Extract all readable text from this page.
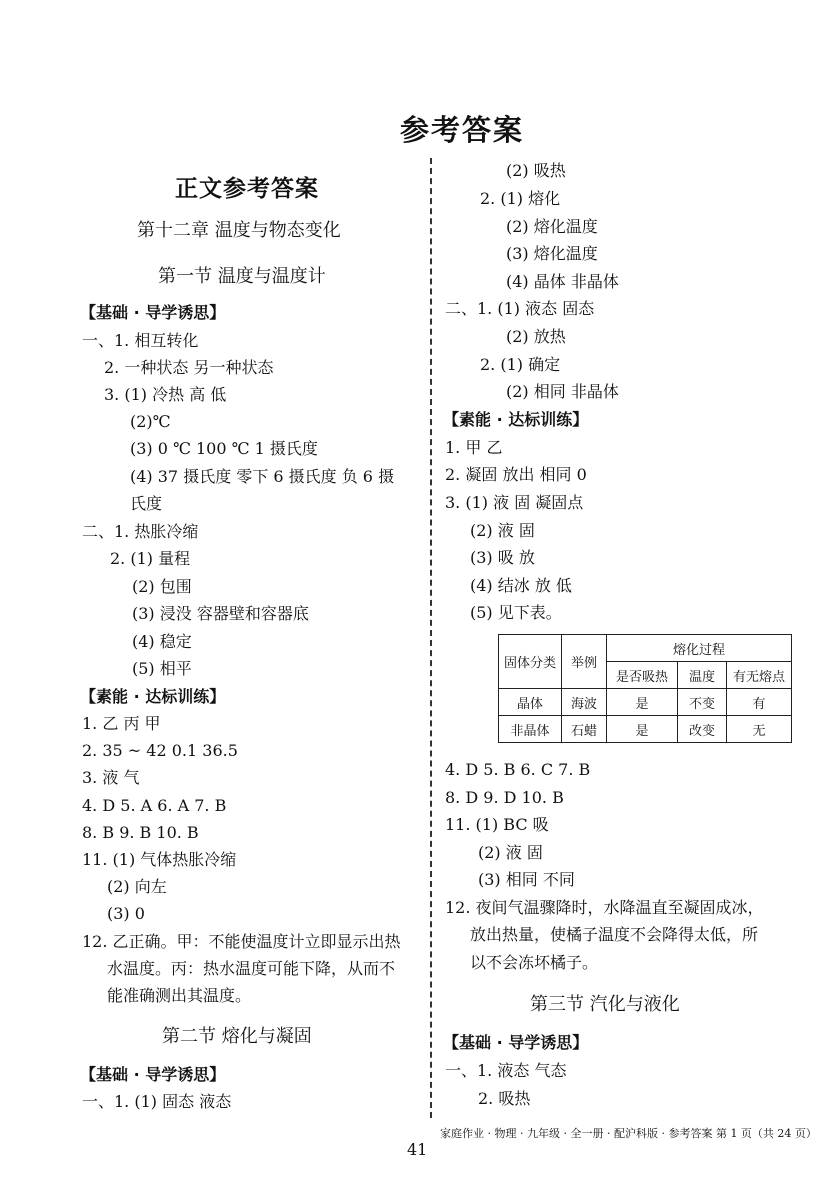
参考答案
正文参考答案
第十二章 温度与物态变化
第一节 温度与温度计
【基础 · 导学诱思】
一、1. 相互转化
2. 一种状态 另一种状态
3. (1) 冷热 高 低
(2)℃
(3) 0 ℃ 100 ℃ 1 摄氏度
(4) 37 摄氏度 零下 6 摄氏度 负 6 摄
氏度
二、1. 热胀冷缩
2. (1) 量程
(2) 包围
(3) 浸没 容器壁和容器底
(4) 稳定
(5) 相平
【素能 · 达标训练】
1. 乙 丙 甲
2. 35 ~ 42 0.1 36.5
3. 液 气
4. D 5. A 6. A 7. B
8. B 9. B 10. B
11. (1) 气体热胀冷缩
(2) 向左
(3) 0
12. 乙正确。甲：不能使温度计立即显示出热
水温度。丙：热水温度可能下降，从而不
能准确测出其温度。
第二节 熔化与凝固
【基础 · 导学诱思】
一、1. (1) 固态 液态
(2) 吸热
2. (1) 熔化
(2) 熔化温度
(3) 熔化温度
(4) 晶体 非晶体
二、1. (1) 液态 固态
(2) 放热
2. (1) 确定
(2) 相同 非晶体
【素能 · 达标训练】
1. 甲 乙
2. 凝固 放出 相同 0
3. (1) 液 固 凝固点
(2) 液 固
(3) 吸 放
(4) 结冰 放 低
(5) 见下表。
固体分类	举例	熔化过程		
		是否吸热	温度	有无熔点
晶体	海波	是	不变	有
非晶体	石蜡	是	改变	无
4. D 5. B 6. C 7. B
8. D 9. D 10. B
11. (1) BC 吸
(2) 液 固
(3) 相同 不同
12. 夜间气温骤降时，水降温直至凝固成冰，
放出热量，使橘子温度不会降得太低，所
以不会冻坏橘子。
第三节 汽化与液化
【基础 · 导学诱思】
一、1. 液态 气态
2. 吸热
家庭作业 · 物理 · 九年级 · 全一册 · 配沪科版 · 参考答案 第 1 页（共 24 页）
41
